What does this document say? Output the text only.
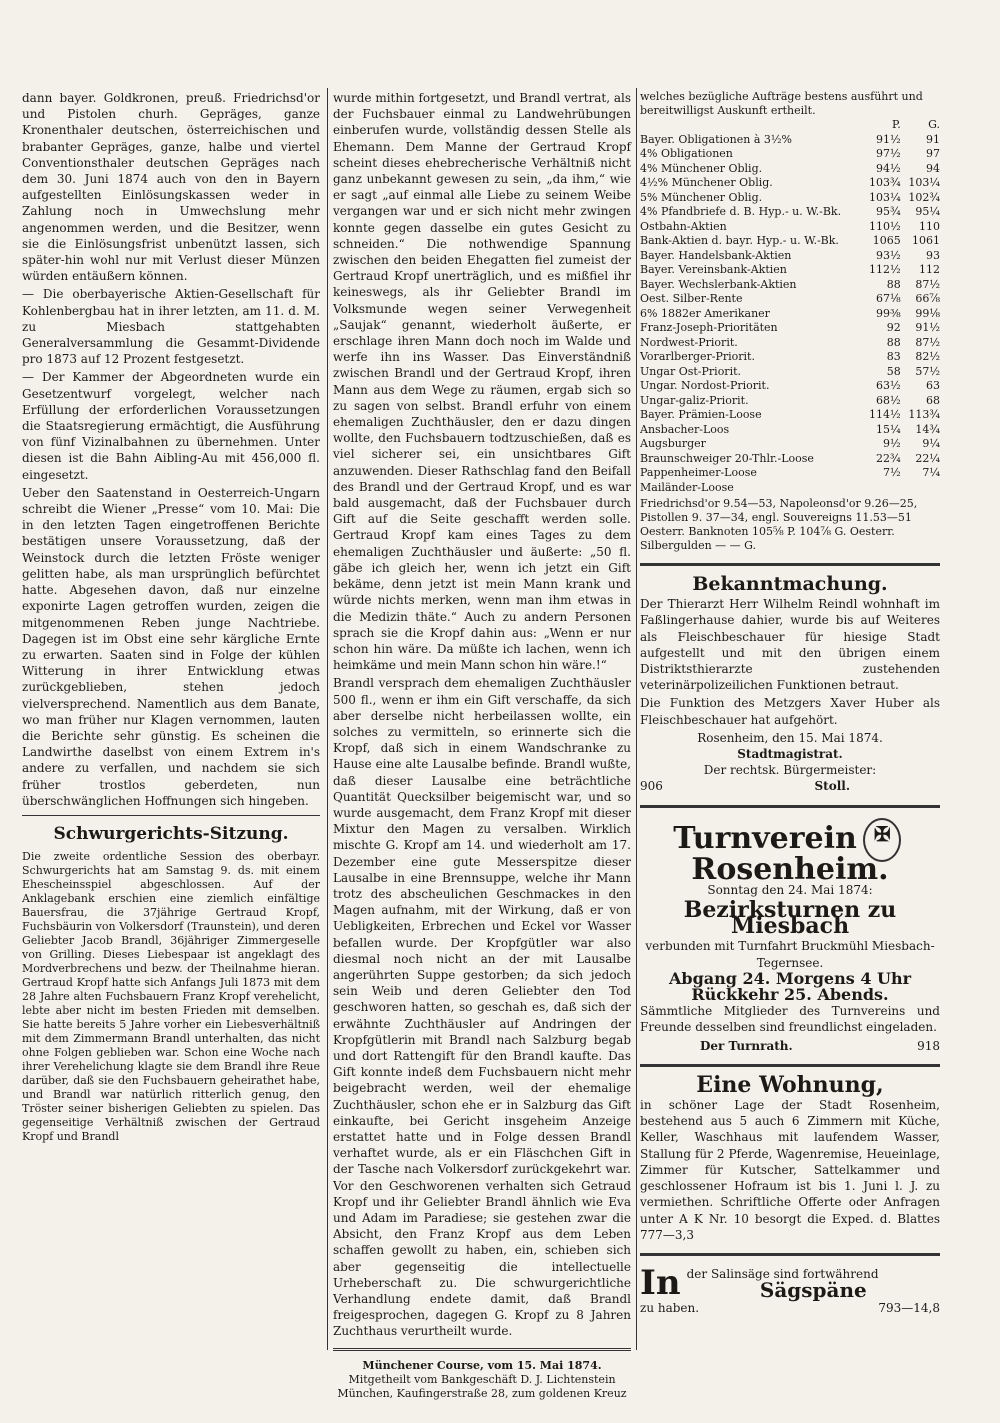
dann bayer. Goldkronen, preuß. Friedrichsd'or und Pistolen churh. Gepräges, ganze Kronenthaler deutschen, österreichischen und brabanter Gepräges, ganze, halbe und viertel Conventionsthaler deutschen Gepräges nach dem 30. Juni 1874 auch von den in Bayern aufgestellten Einlösungskassen weder in Zahlung noch in Umwechslung mehr angenommen werden, und die Besitzer, wenn sie die Einlösungsfrist unbenützt lassen, sich später-hin wohl nur mit Verlust dieser Münzen würden entäußern können.

— Die oberbayerische Aktien-Gesellschaft für Kohlenbergbau hat in ihrer letzten, am 11. d. M. zu Miesbach stattgehabten Generalversammlung die Gesammt-Dividende pro 1873 auf 12 Prozent festgesetzt.

— Der Kammer der Abgeordneten wurde ein Gesetzentwurf vorgelegt, welcher nach Erfüllung der erforderlichen Voraussetzungen die Staatsregierung ermächtigt, die Ausführung von fünf Vizinalbahnen zu übernehmen. Unter diesen ist die Bahn Aibling-Au mit 456,000 fl. eingesetzt.

Ueber den Saatenstand in Oesterreich-Ungarn schreibt die Wiener „Presse“ vom 10. Mai: Die in den letzten Tagen eingetroffenen Berichte bestätigen unsere Voraussetzung, daß der Weinstock durch die letzten Fröste weniger gelitten habe, als man ursprünglich befürchtet hatte. Abgesehen davon, daß nur einzelne exponirte Lagen getroffen wurden, zeigen die mitgenommenen Reben junge Nachtriebe. Dagegen ist im Obst eine sehr kärgliche Ernte zu erwarten. Saaten sind in Folge der kühlen Witterung in ihrer Entwicklung etwas zurückgeblieben, stehen jedoch vielversprechend. Namentlich aus dem Banate, wo man früher nur Klagen vernommen, lauten die Berichte sehr günstig. Es scheinen die Landwirthe daselbst von einem Extrem in's andere zu verfallen, und nachdem sie sich früher trostlos geberdeten, nun überschwänglichen Hoffnungen sich hingeben.

Schwurgerichts-Sitzung.

Die zweite ordentliche Session des oberbayr. Schwurgerichts hat am Samstag 9. ds. mit einem Ehescheinsspiel abgeschlossen. Auf der Anklagebank erschien eine ziemlich einfältige Bauersfrau, die 37jährige Gertraud Kropf, Fuchsbäurin von Volkersdorf (Traunstein), und deren Geliebter Jacob Brandl, 36jähriger Zimmergeselle von Grilling. Dieses Liebespaar ist angeklagt des Mordverbrechens und bezw. der Theilnahme hieran. Gertraud Kropf hatte sich Anfangs Juli 1873 mit dem 28 Jahre alten Fuchsbauern Franz Kropf verehelicht, lebte aber nicht im besten Frieden mit demselben. Sie hatte bereits 5 Jahre vorher ein Liebesverhältniß mit dem Zimmermann Brandl unterhalten, das nicht ohne Folgen geblieben war. Schon eine Woche nach ihrer Verehelichung klagte sie dem Brandl ihre Reue darüber, daß sie den Fuchsbauern geheirathet habe, und Brandl war natürlich ritterlich genug, den Tröster seiner bisherigen Geliebten zu spielen. Das gegenseitige Verhältniß zwischen der Gertraud Kropf und Brandl

wurde mithin fortgesetzt, und Brandl vertrat, als der Fuchsbauer einmal zu Landwehrübungen einberufen wurde, vollständig dessen Stelle als Ehemann. Dem Manne der Gertraud Kropf scheint dieses ehebrecherische Verhältniß nicht ganz unbekannt gewesen zu sein, „da ihm,“ wie er sagt „auf einmal alle Liebe zu seinem Weibe vergangen war und er sich nicht mehr zwingen konnte gegen dasselbe ein gutes Gesicht zu schneiden.“ Die nothwendige Spannung zwischen den beiden Ehegatten fiel zumeist der Gertraud Kropf unerträglich, und es mißfiel ihr keineswegs, als ihr Geliebter Brandl im Volksmunde wegen seiner Verwegenheit „Saujak“ genannt, wiederholt äußerte, er erschlage ihren Mann doch noch im Walde und werfe ihn ins Wasser. Das Einverständniß zwischen Brandl und der Gertraud Kropf, ihren Mann aus dem Wege zu räumen, ergab sich so zu sagen von selbst. Brandl erfuhr von einem ehemaligen Zuchthäusler, den er dazu dingen wollte, den Fuchsbauern todtzuschießen, daß es viel sicherer sei, ein unsichtbares Gift anzuwenden. Dieser Rathschlag fand den Beifall des Brandl und der Gertraud Kropf, und es war bald ausgemacht, daß der Fuchsbauer durch Gift auf die Seite geschafft werden solle. Gertraud Kropf kam eines Tages zu dem ehemaligen Zuchthäusler und äußerte: „50 fl. gäbe ich gleich her, wenn ich jetzt ein Gift bekäme, denn jetzt ist mein Mann krank und würde nichts merken, wenn man ihm etwas in die Medizin thäte.“ Auch zu andern Personen sprach sie die Kropf dahin aus: „Wenn er nur schon hin wäre. Da müßte ich lachen, wenn ich heimkäme und mein Mann schon hin wäre.!“

Brandl versprach dem ehemaligen Zuchthäusler 500 fl., wenn er ihm ein Gift verschaffe, da sich aber derselbe nicht herbeilassen wollte, ein solches zu vermitteln, so erinnerte sich die Kropf, daß sich in einem Wandschranke zu Hause eine alte Lausalbe befinde. Brandl wußte, daß dieser Lausalbe eine beträchtliche Quantität Quecksilber beigemischt war, und so wurde ausgemacht, dem Franz Kropf mit dieser Mixtur den Magen zu versalben. Wirklich mischte G. Kropf am 14. und wiederholt am 17. Dezember eine gute Messerspitze dieser Lausalbe in eine Brennsuppe, welche ihr Mann trotz des abscheulichen Geschmackes in den Magen aufnahm, mit der Wirkung, daß er von Uebligkeiten, Erbrechen und Eckel vor Wasser befallen wurde. Der Kropfgütler war also diesmal noch nicht an der mit Lausalbe angerührten Suppe gestorben; da sich jedoch sein Weib und deren Geliebter den Tod geschworen hatten, so geschah es, daß sich der erwähnte Zuchthäusler auf Andringen der Kropfgütlerin mit Brandl nach Salzburg begab und dort Rattengift für den Brandl kaufte. Das Gift konnte indeß dem Fuchsbauern nicht mehr beigebracht werden, weil der ehemalige Zuchthäusler, schon ehe er in Salzburg das Gift einkaufte, bei Gericht insgeheim Anzeige erstattet hatte und in Folge dessen Brandl verhaftet wurde, als er ein Fläschchen Gift in der Tasche nach Volkersdorf zurückgekehrt war. Vor den Geschworenen verhalten sich Getraud Kropf und ihr Geliebter Brandl ähnlich wie Eva und Adam im Paradiese; sie gestehen zwar die Absicht, den Franz Kropf aus dem Leben schaffen gewollt zu haben, ein, schieben sich aber gegenseitig die intellectuelle Urheberschaft zu. Die schwurgerichtliche Verhandlung endete damit, daß Brandl freigesprochen, dagegen G. Kropf zu 8 Jahren Zuchthaus verurtheilt wurde.

Münchener Course, vom 15. Mai 1874.
Mitgetheilt vom Bankgeschäft D. J. Lichtenstein München, Kaufingerstraße 28, zum goldenen Kreuz
welches bezügliche Aufträge bestens ausführt und bereitwilligst Auskunft ertheilt.
	P.	G.
Bayer. Obligationen à 3½%	91½	91
4% Obligationen	97½	97
4% Münchener Oblig.	94½	94
4½% Münchener Oblig.	103¾	103¼
5% Münchener Oblig.	103¼	102¾
4% Pfandbriefe d. B. Hyp.- u. W.-Bk.	95¾	95¼
Ostbahn-Aktien	110½	110
Bank-Aktien d. bayr. Hyp.- u. W.-Bk.	1065	1061
Bayer. Handelsbank-Aktien	93½	93
Bayer. Vereinsbank-Aktien	112½	112
Bayer. Wechslerbank-Aktien	88	87½
Oest. Silber-Rente	67⅛	66⅞
6% 1882er Amerikaner	99⅜	99⅛
Franz-Joseph-Prioritäten	92	91½
Nordwest-Priorit.	88	87½
Vorarlberger-Priorit.	83	82½
Ungar Ost-Priorit.	58	57½
Ungar. Nordost-Priorit.	63½	63
Ungar-galiz-Priorit.	68½	68
Bayer. Prämien-Loose	114½	113¾
Ansbacher-Loos	15¼	14¾
Augsburger	9½	9¼
Braunschweiger 20-Thlr.-Loose	22¾	22¼
Pappenheimer-Loose	7½	7¼
Mailänder-Loose		
Friedrichsd'or 9.54—53, Napoleonsd'or 9.26—25, Pistollen 9. 37—34, engl. Souvereigns 11.53—51 Oesterr. Banknoten 105⅝ P. 104⅞ G. Oesterr. Silbergulden — — G.
Bekanntmachung.

Der Thierarzt Herr Wilhelm Reindl wohnhaft im Faßlingerhause dahier, wurde bis auf Weiteres als Fleischbeschauer für hiesige Stadt aufgestellt und mit den übrigen einem Distriktsthierarzte zustehenden veterinärpolizeilichen Funktionen betraut.

Die Funktion des Metzgers Xaver Huber als Fleischbeschauer hat aufgehört.

Rosenheim, den 15. Mai 1874.
Stadtmagistrat.
Der rechtsk. Bürgermeister:
906	Stoll.
Turnverein ✠
Rosenheim.
Sonntag den 24. Mai 1874:
Bezirksturnen zu Miesbach
verbunden mit Turnfahrt Bruckmühl Miesbach-Tegernsee.
Abgang 24. Morgens 4 Uhr
Rückkehr 25. Abends.

Sämmtliche Mitglieder des Turnvereins und Freunde desselben sind freundlichst eingeladen.

Der Turnrath.	918
Eine Wohnung,

in schöner Lage der Stadt Rosenheim, bestehend aus 5 auch 6 Zimmern mit Küche, Keller, Waschhaus mit laufendem Wasser, Stallung für 2 Pferde, Wagenremise, Heueinlage, Zimmer für Kutscher, Sattelkammer und geschlossener Hofraum ist bis 1. Juni l. J. zu vermiethen. Schriftliche Offerte oder Anfragen unter A K Nr. 10 besorgt die Exped. d. Blattes 777—3,3

In der Salinsäge sind fortwährend
Sägspäne
zu haben.	793—14,8
